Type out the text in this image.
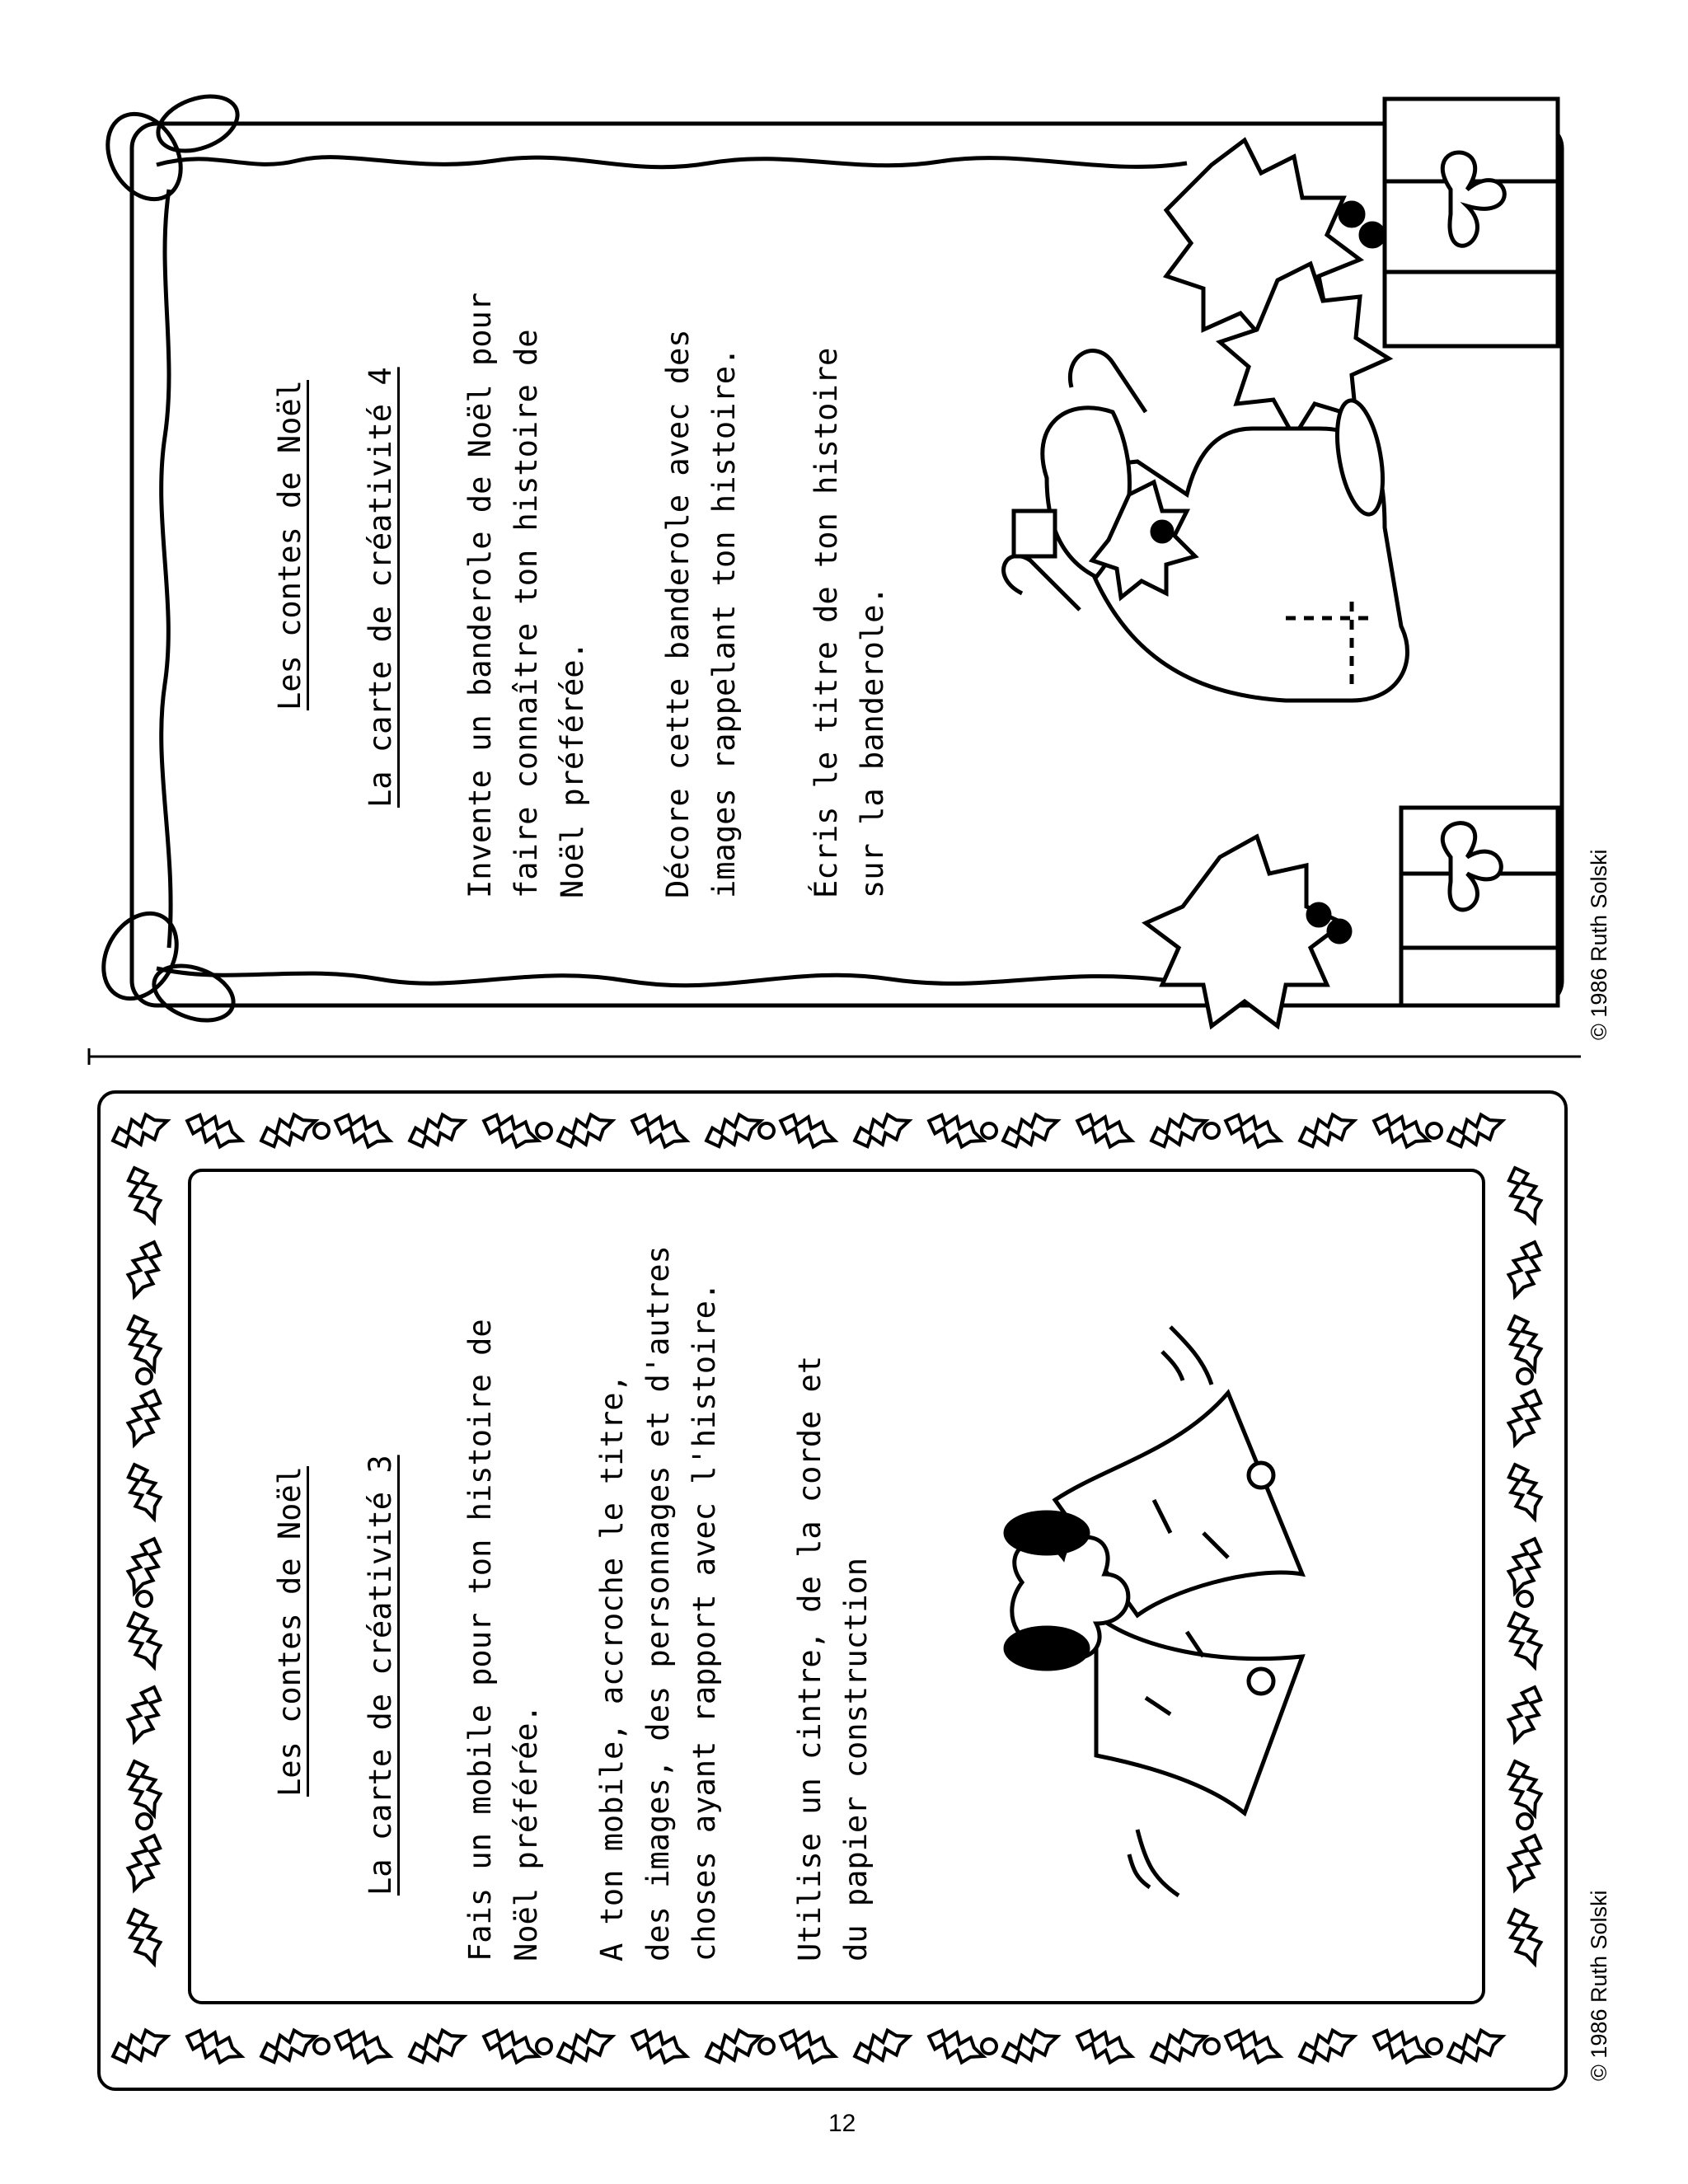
Les contes de Noël La carte de créativité 4
Invente un banderole de Noël pour
faire connaître ton histoire de
Noël préférée.
Décore cette banderole avec des
images rappelant ton histoire.
Écris le titre de ton histoire
sur la banderole.
© 1986 Ruth Solski
Les contes de Noël La carte de créativité 3
Fais un mobile pour ton histoire de
Noël préférée.
A ton mobile, accroche le titre,
des images, des personnages et d'autres
choses ayant rapport avec l'histoire.
Utilise un cintre, de la corde et
du papier construction
© 1986 Ruth Solski
12
